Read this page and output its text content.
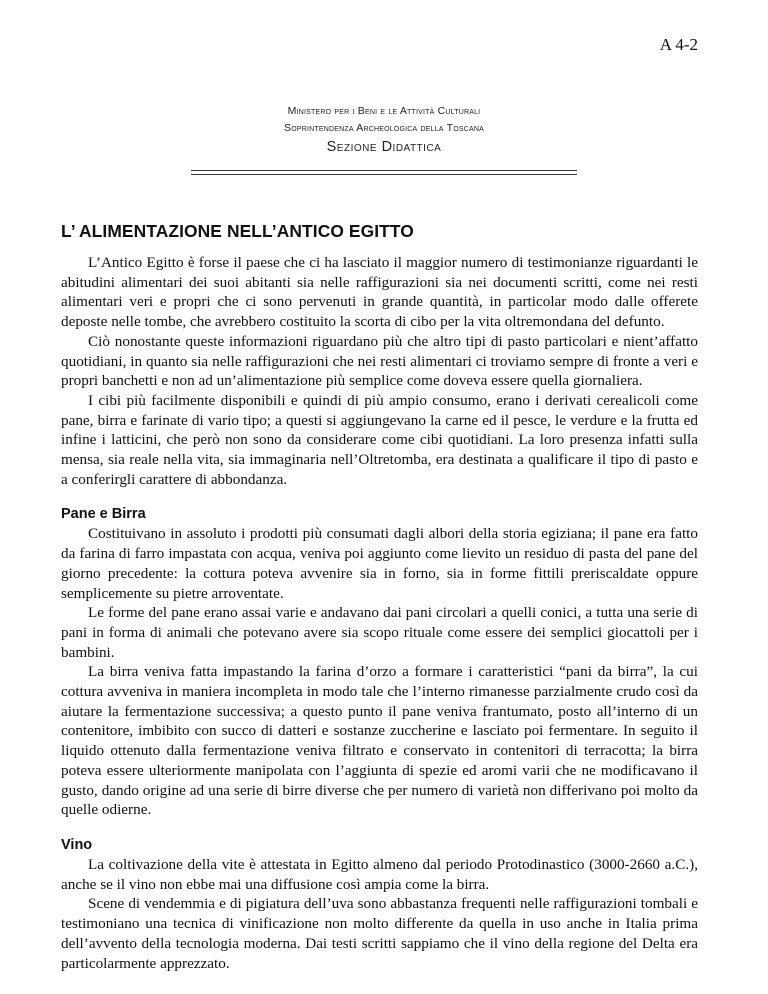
A 4-2
Ministero per i Beni e le Attività Culturali
Soprintendenza Archeologica della Toscana
Sezione Didattica
L’ ALIMENTAZIONE NELL’ANTICO EGITTO

L’Antico Egitto è forse il paese che ci ha lasciato il maggior numero di testimonianze riguardanti le abitudini alimentari dei suoi abitanti sia nelle raffigurazioni sia nei documenti scritti, come nei resti alimentari veri e propri che ci sono pervenuti in grande quantità, in particolar modo dalle offerete deposte nelle tombe, che avrebbero costituito la scorta di cibo per la vita oltremondana del defunto.

Ciò nonostante queste informazioni riguardano più che altro tipi di pasto particolari e nient’affatto quotidiani, in quanto sia nelle raffigurazioni che nei resti alimentari ci troviamo sempre di fronte a veri e propri banchetti e non ad un’alimentazione più semplice come doveva essere quella giornaliera.

I cibi più facilmente disponibili e quindi di più ampio consumo, erano i derivati cerealicoli come pane, birra e farinate di vario tipo; a questi si aggiungevano la carne ed il pesce, le verdure e la frutta ed infine i latticini, che però non sono da considerare come cibi quotidiani. La loro presenza infatti sulla mensa, sia reale nella vita, sia immaginaria nell’Oltretomba, era destinata a qualificare il tipo di pasto e a conferirgli carattere di abbondanza.

Pane e Birra

Costituivano in assoluto i prodotti più consumati dagli albori della storia egiziana; il pane era fatto da farina di farro impastata con acqua, veniva poi aggiunto come lievito un residuo di pasta del pane del giorno precedente: la cottura poteva avvenire sia in forno, sia in forme fittili preriscaldate oppure semplicemente su pietre arroventate.

Le forme del pane erano assai varie e andavano dai pani circolari a quelli conici, a tutta una serie di pani in forma di animali che potevano avere sia scopo rituale come essere dei semplici giocattoli per i bambini.

La birra veniva fatta impastando la farina d’orzo a formare i caratteristici “pani da birra”, la cui cottura avveniva in maniera incompleta in modo tale che l’interno rimanesse parzialmente crudo così da aiutare la fermentazione successiva; a questo punto il pane veniva frantumato, posto all’interno di un contenitore, imbibito con succo di datteri e sostanze zuccherine e lasciato poi fermentare. In seguito il liquido ottenuto dalla fermentazione veniva filtrato e conservato in contenitori di terracotta; la birra poteva essere ulteriormente manipolata con l’aggiunta di spezie ed aromi varii che ne modificavano il gusto, dando origine ad una serie di birre diverse che per numero di varietà non differivano poi molto da quelle odierne.

Vino

La coltivazione della vite è attestata in Egitto almeno dal periodo Protodinastico (3000-2660 a.C.), anche se il vino non ebbe mai una diffusione così ampia come la birra.

Scene di vendemmia e di pigiatura dell’uva sono abbastanza frequenti nelle raffigurazioni tombali e testimoniano una tecnica di vinificazione non molto differente da quella in uso anche in Italia prima dell’avvento della tecnologia moderna. Dai testi scritti sappiamo che il vino della regione del Delta era particolarmente apprezzato.
